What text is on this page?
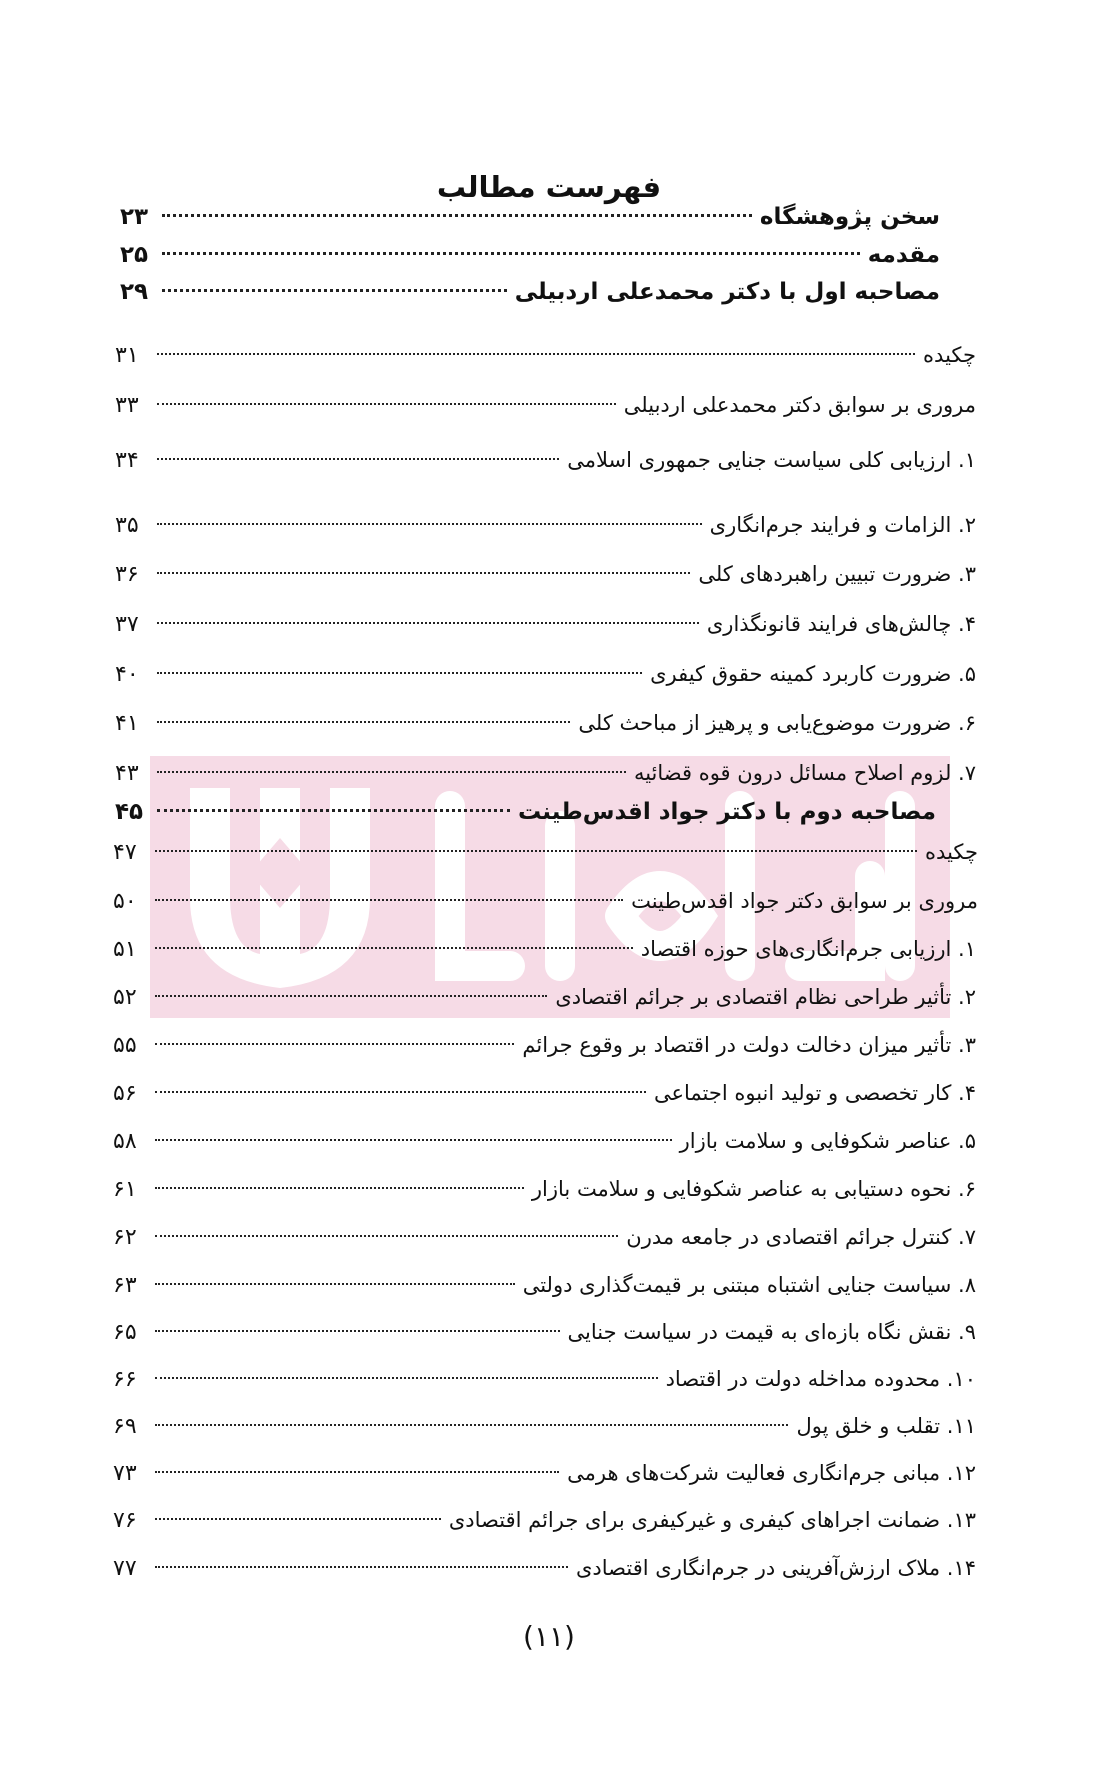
فهرست مطالب
سخن پژوهشگاه
۲۳
مقدمه
۲۵
مصاحبه اول با دکتر محمدعلی اردبیلی
۲۹
چکیده
۳۱
مروری بر سوابق دکتر محمدعلی اردبیلی
۳۳
۱. ارزیابی کلی سیاست جنایی جمهوری اسلامی
۳۴
۲. الزامات و فرایند جرم‌انگاری
۳۵
۳. ضرورت تبیین راهبردهای کلی
۳۶
۴. چالش‌های فرایند قانونگذاری
۳۷
۵. ضرورت کاربرد کمینه حقوق کیفری
۴۰
۶. ضرورت موضوع‌یابی و پرهیز از مباحث کلی
۴۱
۷. لزوم اصلاح مسائل درون قوه قضائیه
۴۳
مصاحبه دوم با دکتر جواد اقدس‌طینت
۴۵
چکیده
۴۷
مروری بر سوابق دکتر جواد اقدس‌طینت
۵۰
۱. ارزیابی جرم‌انگاری‌های حوزه اقتصاد
۵۱
۲. تأثیر طراحی نظام اقتصادی بر جرائم اقتصادی
۵۲
۳. تأثیر میزان دخالت دولت در اقتصاد بر وقوع جرائم
۵۵
۴. کار تخصصی و تولید انبوه اجتماعی
۵۶
۵. عناصر شکوفایی و سلامت بازار
۵۸
۶. نحوه دستیابی به عناصر شکوفایی و سلامت بازار
۶۱
۷. کنترل جرائم اقتصادی در جامعه مدرن
۶۲
۸. سیاست جنایی اشتباه مبتنی بر قیمت‌گذاری دولتی
۶۳
۹. نقش نگاه بازه‌ای به قیمت در سیاست جنایی
۶۵
۱۰. محدوده مداخله دولت در اقتصاد
۶۶
۱۱. تقلب و خلق پول
۶۹
۱۲. مبانی جرم‌انگاری فعالیت شرکت‌های هرمی
۷۳
۱۳. ضمانت اجراهای کیفری و غیرکیفری برای جرائم اقتصادی
۷۶
۱۴. ملاک ارزش‌آفرینی در جرم‌انگاری اقتصادی
۷۷
(۱۱)
